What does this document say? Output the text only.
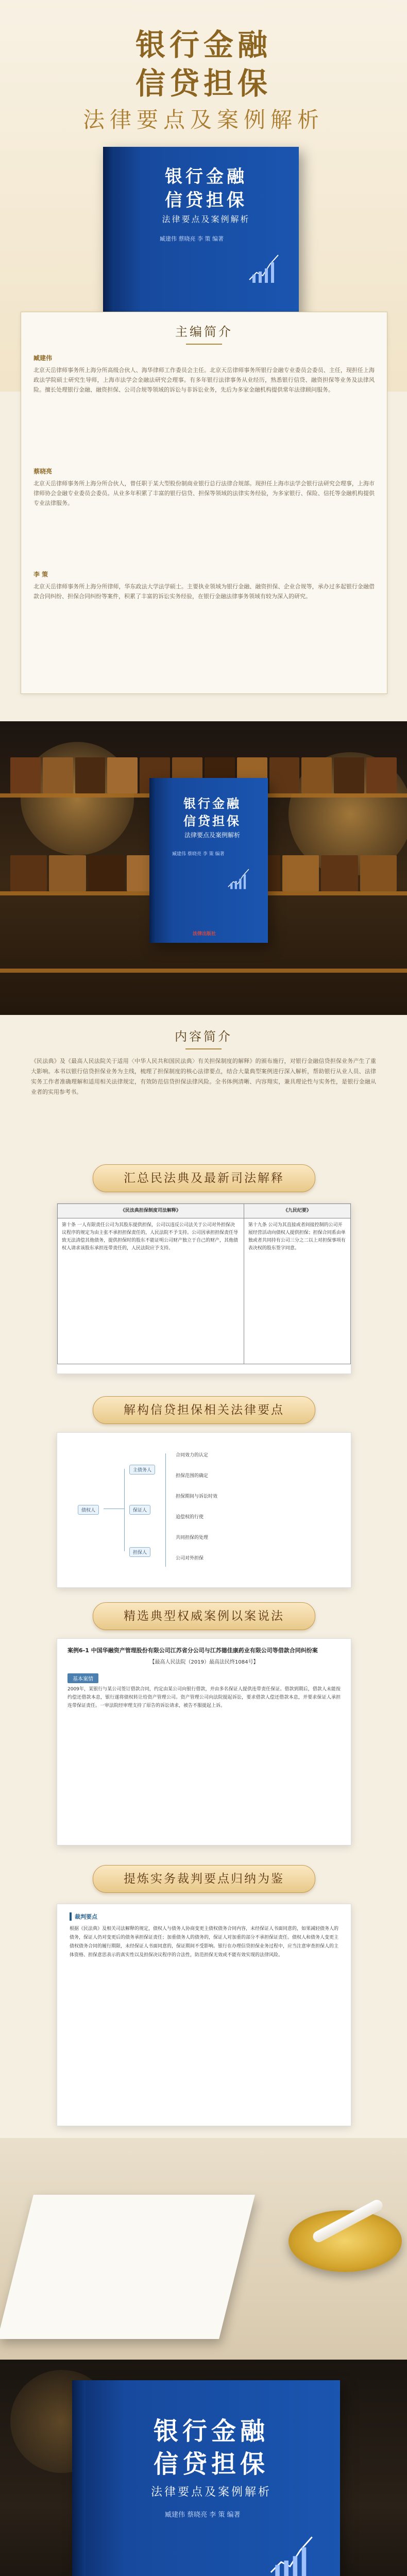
银行金融
信贷担保
法律要点及案例解析
银行金融
信贷担保
法律要点及案例解析
臧建伟 蔡晓亮 李 策 编著
主编简介
臧建伟
北京天岳律师事务所上海分所高级合伙人、海华律师工作委员会主任。北京天岳律师事务所银行金融专业委员会委员、主任，现担任上海政法学院硕士研究生导师，上海市法学会金融法研究会理事。有多年银行法律事务从业经历，熟悉银行信贷、融资担保等业务及法律风险。擅长处理银行金融、融资担保、公司合规等领域的诉讼与非诉讼业务，先后为多家金融机构提供常年法律顾问服务。
蔡晓亮
北京天岳律师事务所上海分所合伙人，曾任职于某大型股份制商业银行总行法律合规部。现担任上海市法学会银行法研究会理事，上海市律师协会金融专业委员会委员。从业多年积累了丰富的银行信贷、担保等领域的法律实务经验，为多家银行、保险、信托等金融机构提供专业法律服务。
李 策
北京天岳律师事务所上海分所律师，华东政法大学法学硕士。主要执业领域为银行金融、融资担保、企业合规等，承办过多起银行金融借款合同纠纷、担保合同纠纷等案件，积累了丰富的诉讼实务经验，在银行金融法律事务领域有较为深入的研究。
银行金融
信贷担保
法律要点及案例解析
臧建伟 蔡晓亮 李 策 编著
法律出版社
内容简介

《民法典》及《最高人民法院关于适用〈中华人民共和国民法典〉有关担保制度的解释》的颁布施行，对银行金融信贷担保业务产生了重大影响。本书以银行信贷担保业务为主线，梳理了担保制度的核心法律要点，结合大量典型案例进行深入解析，帮助银行从业人员、法律实务工作者准确理解和适用相关法律规定，有效防范信贷担保法律风险。全书体例清晰、内容翔实，兼具理论性与实务性，是银行金融从业者的实用参考书。

汇总民法典及最新司法解释
《民法典担保制度司法解释》	《九民纪要》
第十条 一人有限责任公司为其股东提供担保，公司以违反公司法关于公司对外担保决议程序的规定为由主张不承担担保责任的，人民法院不予支持。公司因承担担保责任导致无法清偿其他债务，提供担保时的股东不能证明公司财产独立于自己的财产，其他债权人请求该股东承担连带责任的，人民法院应予支持。	第十九条 公司为其直接或者间接控制的公司开展经营活动向债权人提供担保；担保合同系由单独或者共同持有公司三分之二以上对担保事项有表决权的股东签字同意。
解构信贷担保相关法律要点
债权人
主债务人
保证人
担保人
合同效力的认定
担保范围的确定
担保期间与诉讼时效
追偿权的行使
共同担保的处理
公司对外担保
精选典型权威案例以案说法
案例6-1 中国华融资产管理股份有限公司江苏省分公司与江苏德佳康药业有限公司等借款合同纠纷案
【最高人民法院（2019）最高法民终1084号】
基本案情
2009年，某银行与某公司签订借款合同，约定由某公司向银行借款，并由多名保证人提供连带责任保证。借款到期后，借款人未能按约偿还借款本息，银行遂将债权转让给资产管理公司。资产管理公司向法院提起诉讼，要求借款人偿还借款本息，并要求保证人承担连带保证责任。一审法院经审理支持了原告的诉讼请求，被告不服提起上诉。
提炼实务裁判要点归纳为鉴
裁判要点
根据《民法典》及相关司法解释的规定，债权人与债务人协商变更主债权债务合同内容，未经保证人书面同意的，如果减轻债务人的债务，保证人仍对变更后的债务承担保证责任；加重债务人的债务的，保证人对加重的部分不承担保证责任。债权人和债务人变更主债权债务合同的履行期限，未经保证人书面同意的，保证期间不受影响。银行在办理信贷担保业务过程中，应当注意审查担保人的主体资格、担保意思表示的真实性以及担保决议程序的合法性，防范担保无效或不能有效实现的法律风险。
银行金融
信贷担保
法律要点及案例解析
臧建伟 蔡晓亮 李 策 编著
